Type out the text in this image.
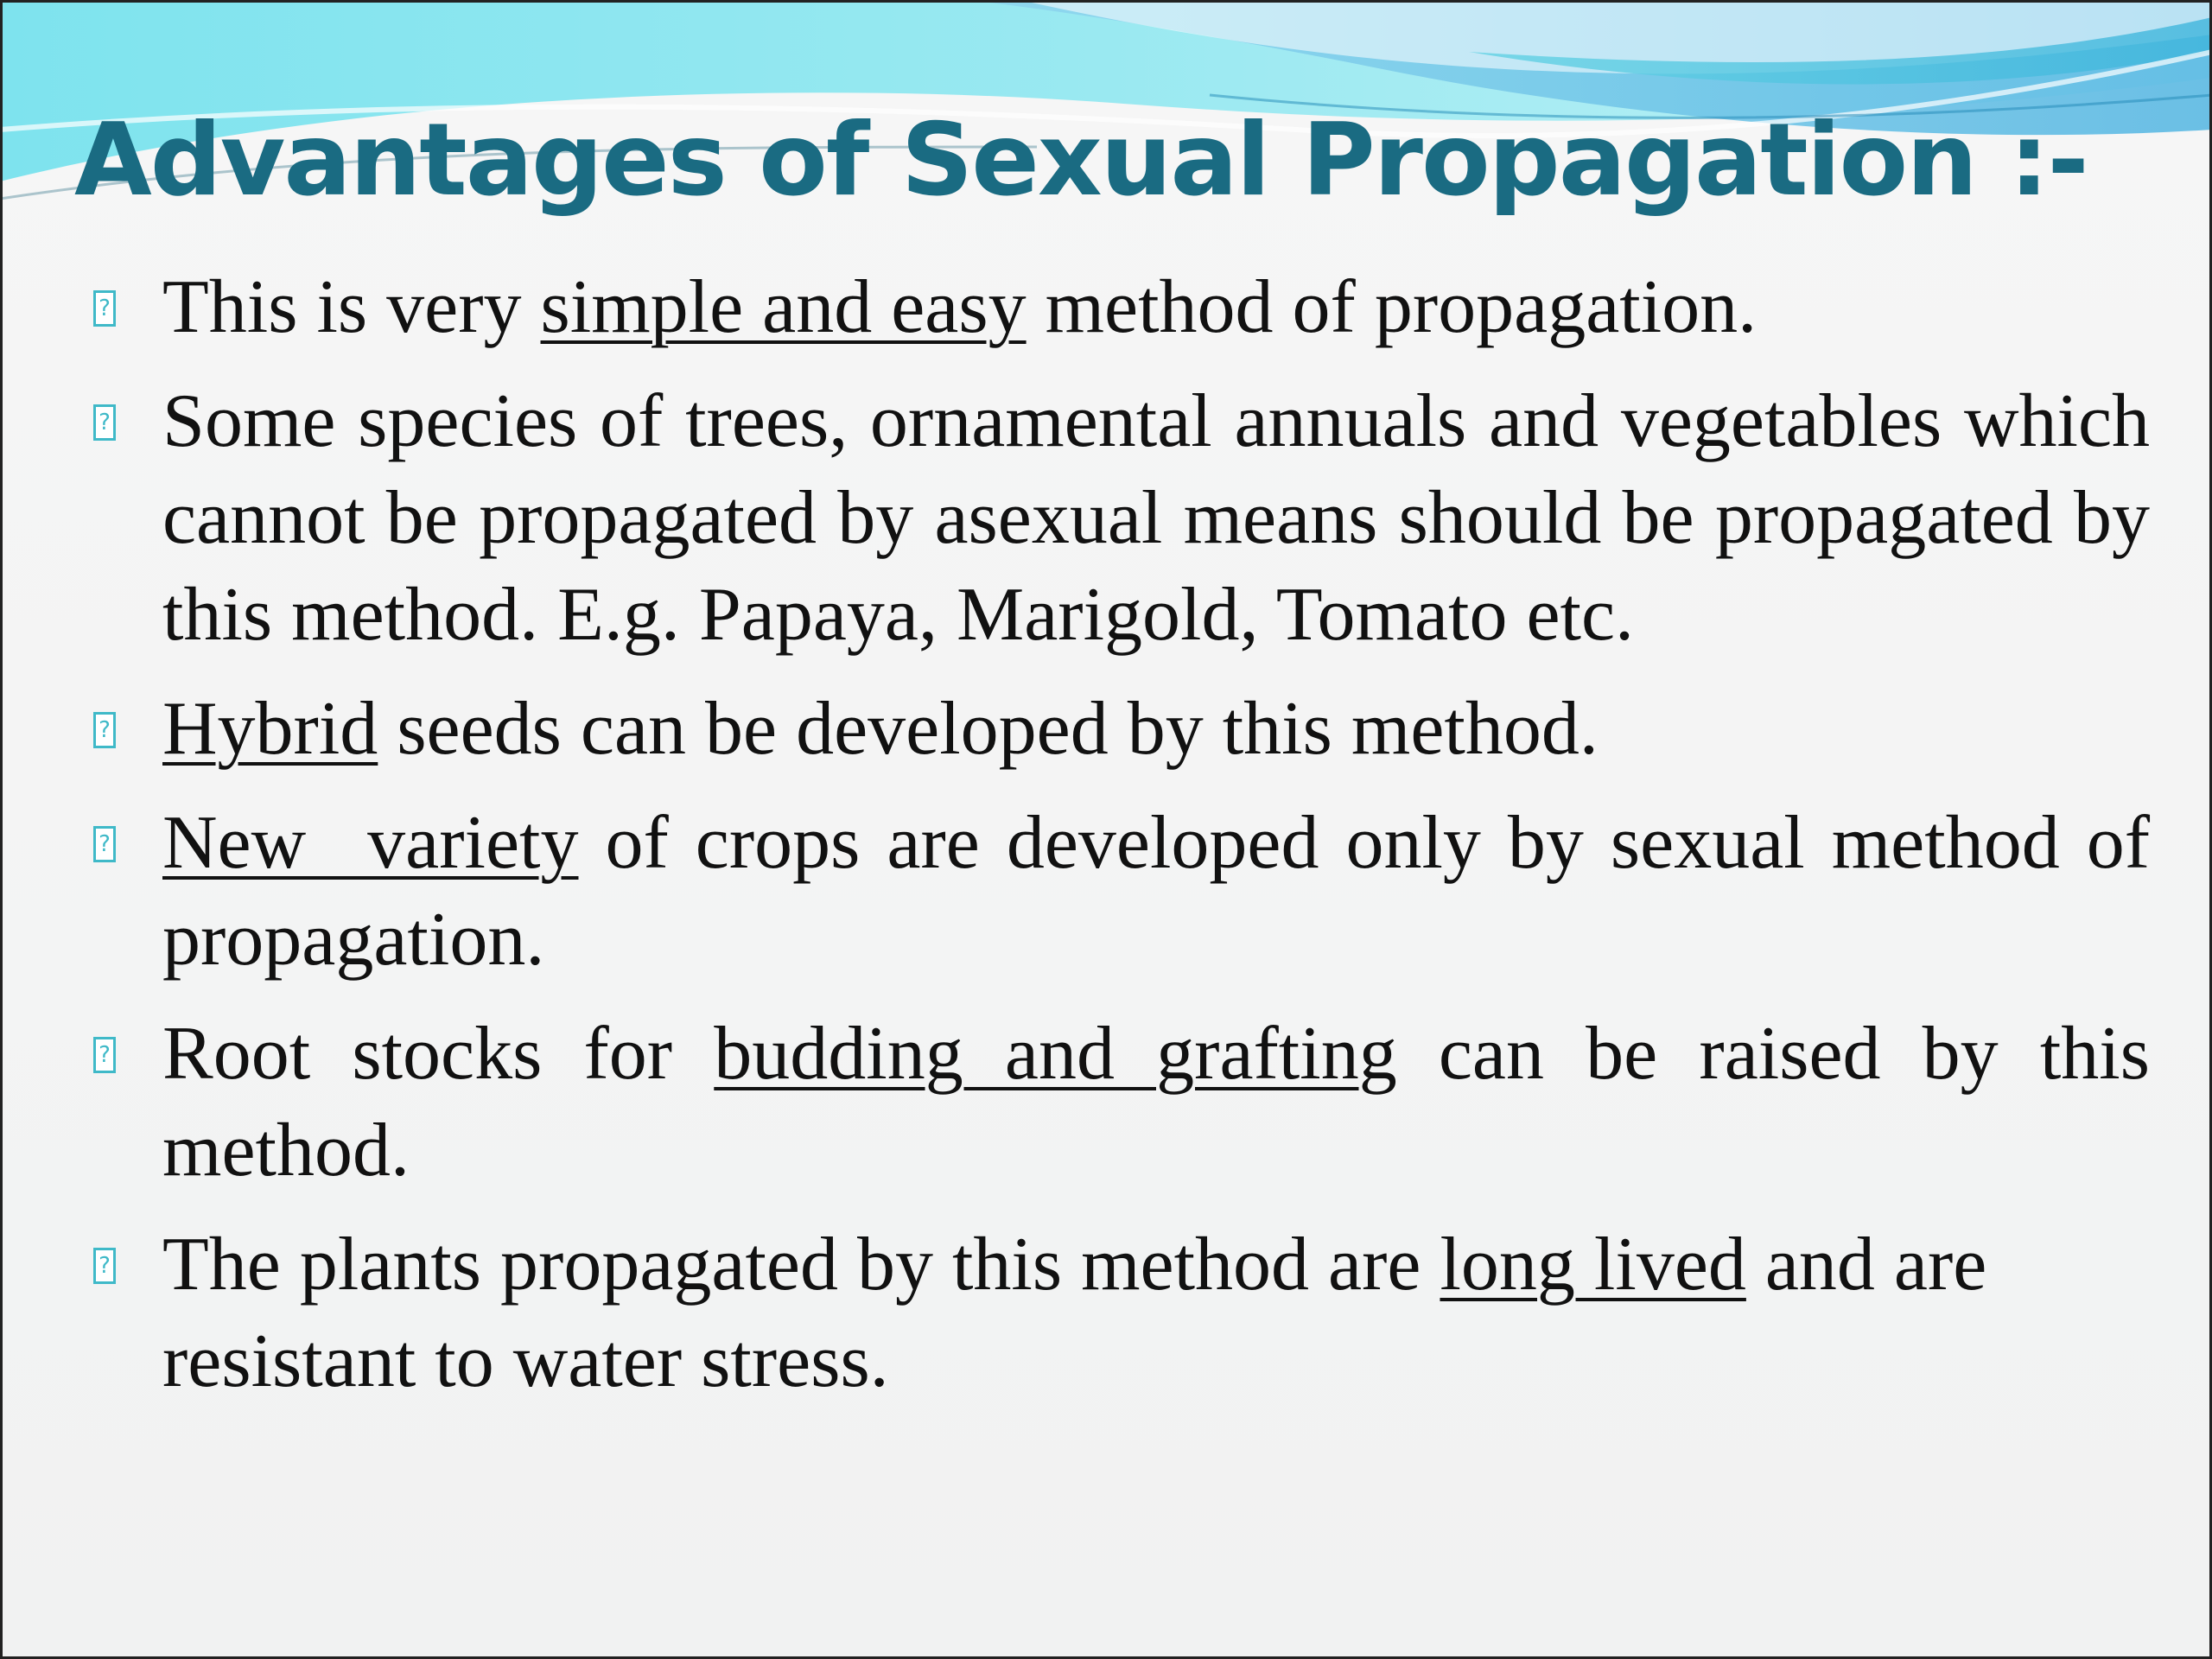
Advantages of Sexual Propagation :-
? This is very simple and easy method of propagation.
? Some species of trees, ornamental annuals and vegetables which cannot be propagated by asexual means should be propagated by this method. E.g. Papaya, Marigold, Tomato etc.
? Hybrid seeds can be developed by this method.
? New variety of crops are developed only by sexual method of propagation.
? Root stocks for budding and grafting can be raised by this method.
? The plants propagated by this method are long lived and are resistant to water stress.
